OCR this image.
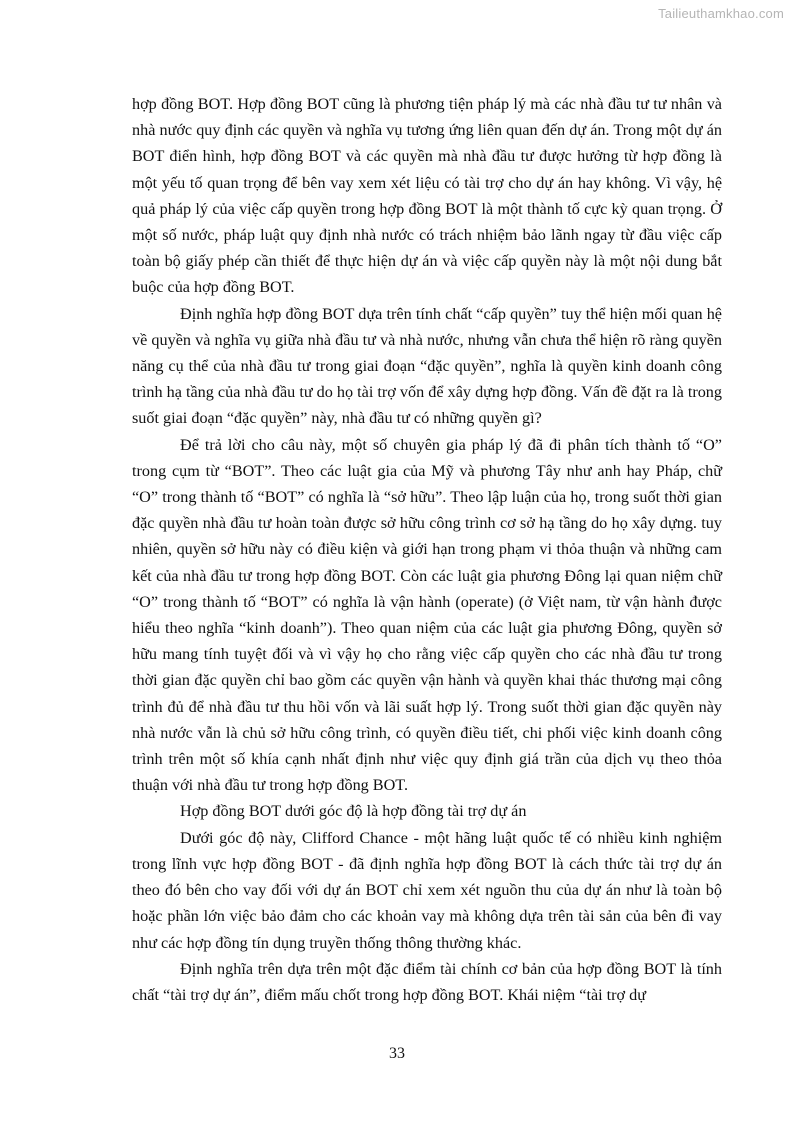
Tailieuthamkhao.com

hợp đồng BOT. Hợp đồng BOT cũng là phương tiện pháp lý mà các nhà đầu tư tư nhân và nhà nước quy định các quyền và nghĩa vụ tương ứng liên quan đến dự án. Trong một dự án BOT điển hình, hợp đồng BOT và các quyền mà nhà đầu tư được hưởng từ hợp đồng là một yếu tố quan trọng để bên vay xem xét liệu có tài trợ cho dự án hay không. Vì vậy, hệ quả pháp lý của việc cấp quyền trong hợp đồng BOT là một thành tố cực kỳ quan trọng. Ở một số nước, pháp luật quy định nhà nước có trách nhiệm bảo lãnh ngay từ đầu việc cấp toàn bộ giấy phép cần thiết để thực hiện dự án và việc cấp quyền này là một nội dung bắt buộc của hợp đồng BOT.

Định nghĩa hợp đồng BOT dựa trên tính chất “cấp quyền” tuy thể hiện mối quan hệ về quyền và nghĩa vụ giữa nhà đầu tư và nhà nước, nhưng vẫn chưa thể hiện rõ ràng quyền năng cụ thể của nhà đầu tư trong giai đoạn “đặc quyền”, nghĩa là quyền kinh doanh công trình hạ tầng của nhà đầu tư do họ tài trợ vốn để xây dựng hợp đồng. Vấn đề đặt ra là trong suốt giai đoạn “đặc quyền” này, nhà đầu tư có những quyền gì?

Để trả lời cho câu này, một số chuyên gia pháp lý đã đi phân tích thành tố “O” trong cụm từ “BOT”. Theo các luật gia của Mỹ và phương Tây như anh hay Pháp, chữ “O” trong thành tố “BOT” có nghĩa là “sở hữu”. Theo lập luận của họ, trong suốt thời gian đặc quyền nhà đầu tư hoàn toàn được sở hữu công trình cơ sở hạ tầng do họ xây dựng. tuy nhiên, quyền sở hữu này có điều kiện và giới hạn trong phạm vi thỏa thuận và những cam kết của nhà đầu tư trong hợp đồng BOT. Còn các luật gia phương Đông lại quan niệm chữ “O” trong thành tố “BOT” có nghĩa là vận hành (operate) (ở Việt nam, từ vận hành được hiểu theo nghĩa “kinh doanh”). Theo quan niệm của các luật gia phương Đông, quyền sở hữu mang tính tuyệt đối và vì vậy họ cho rằng việc cấp quyền cho các nhà đầu tư trong thời gian đặc quyền chỉ bao gồm các quyền vận hành và quyền khai thác thương mại công trình đủ để nhà đầu tư thu hồi vốn và lãi suất hợp lý. Trong suốt thời gian đặc quyền này nhà nước vẫn là chủ sở hữu công trình, có quyền điều tiết, chi phối việc kinh doanh công trình trên một số khía cạnh nhất định như việc quy định giá trần của dịch vụ theo thỏa thuận với nhà đầu tư trong hợp đồng BOT.

Hợp đồng BOT dưới góc độ là hợp đồng tài trợ dự án

Dưới góc độ này, Clifford Chance - một hãng luật quốc tế có nhiều kinh nghiệm trong lĩnh vực hợp đồng BOT - đã định nghĩa hợp đồng BOT là cách thức tài trợ dự án theo đó bên cho vay đối với dự án BOT chỉ xem xét nguồn thu của dự án như là toàn bộ hoặc phần lớn việc bảo đảm cho các khoản vay mà không dựa trên tài sản của bên đi vay như các hợp đồng tín dụng truyền thống thông thường khác.

Định nghĩa trên dựa trên một đặc điểm tài chính cơ bản của hợp đồng BOT là tính chất “tài trợ dự án”, điểm mấu chốt trong hợp đồng BOT. Khái niệm “tài trợ dự

33
